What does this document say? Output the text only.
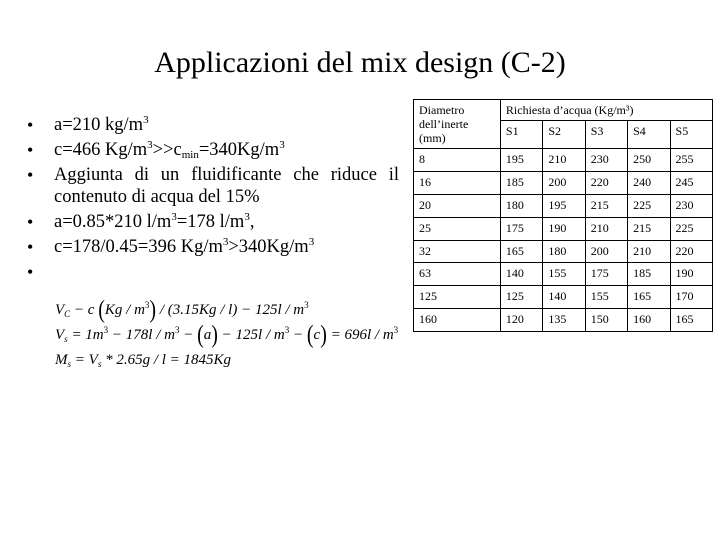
Applicazioni del mix design (C-2)
• a=210 $kg/m^3$
• c=466 $Kg/m^3>>c_{min}=340Kg/m^3$
• Aggiunta di un fluidificante che riduce il contenuto di acqua del 15%
• a=0.85*210 $l/m^3=178$ $l/m^3$,
• c=178/0.45=396 $Kg/m^3>340Kg/m^3$
•
$V_C - c$ $(Kg / m^3) / (3.15Kg / l) - 125l / m^3$
$V_s = 1m^3 - 178l / m^3 - (a) - 125l / m^3 - (c) = 696l / m^3$
$M_s = V_s * 2.65g / l = 1845Kg$
Diametro dell’inerte (mm)	Richiesta d’acqua (Kg/m³)				
	S1	S2	S3	S4	S5
8	195	210	230	250	255
16	185	200	220	240	245
20	180	195	215	225	230
25	175	190	210	215	225
32	165	180	200	210	220
63	140	155	175	185	190
125	125	140	155	165	170
160	120	135	150	160	165
